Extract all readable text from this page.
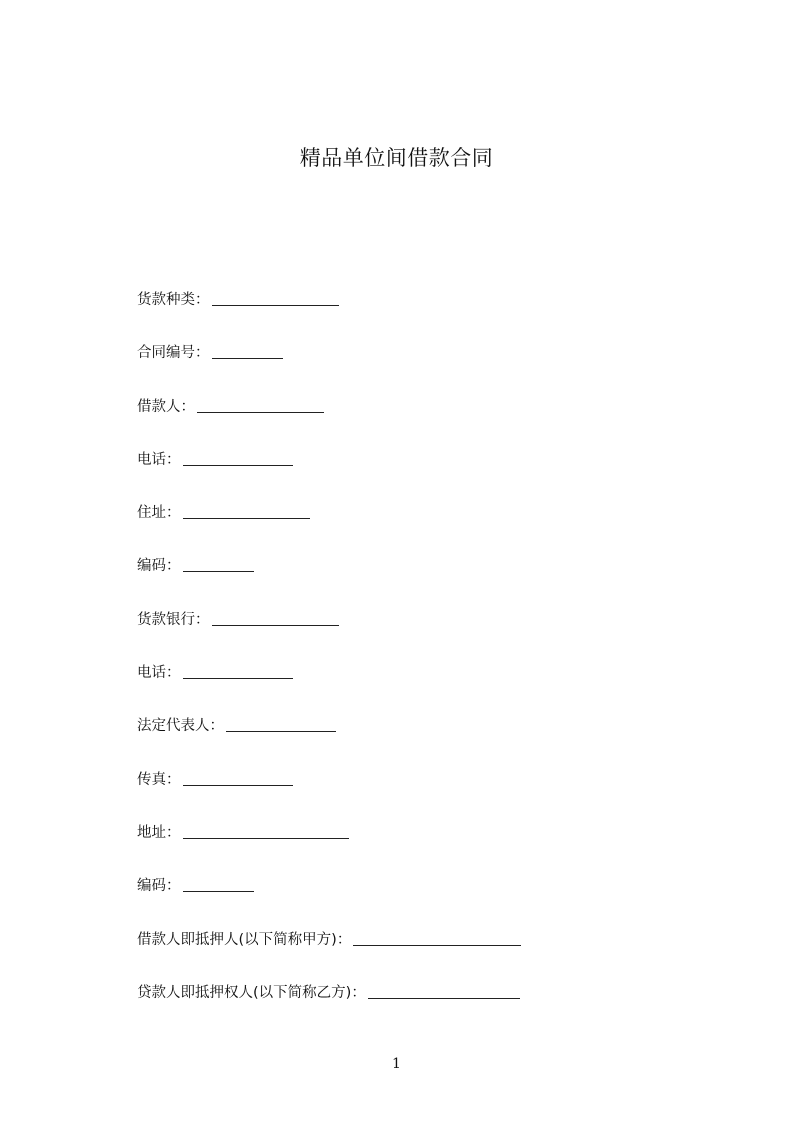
精品单位间借款合同
货款种类：
合同编号：
借款人：
电话：
住址：
编码：
货款银行：
电话：
法定代表人：
传真：
地址：
编码：
借款人即抵押人(以下简称甲方)：
贷款人即抵押权人(以下简称乙方)：
1
